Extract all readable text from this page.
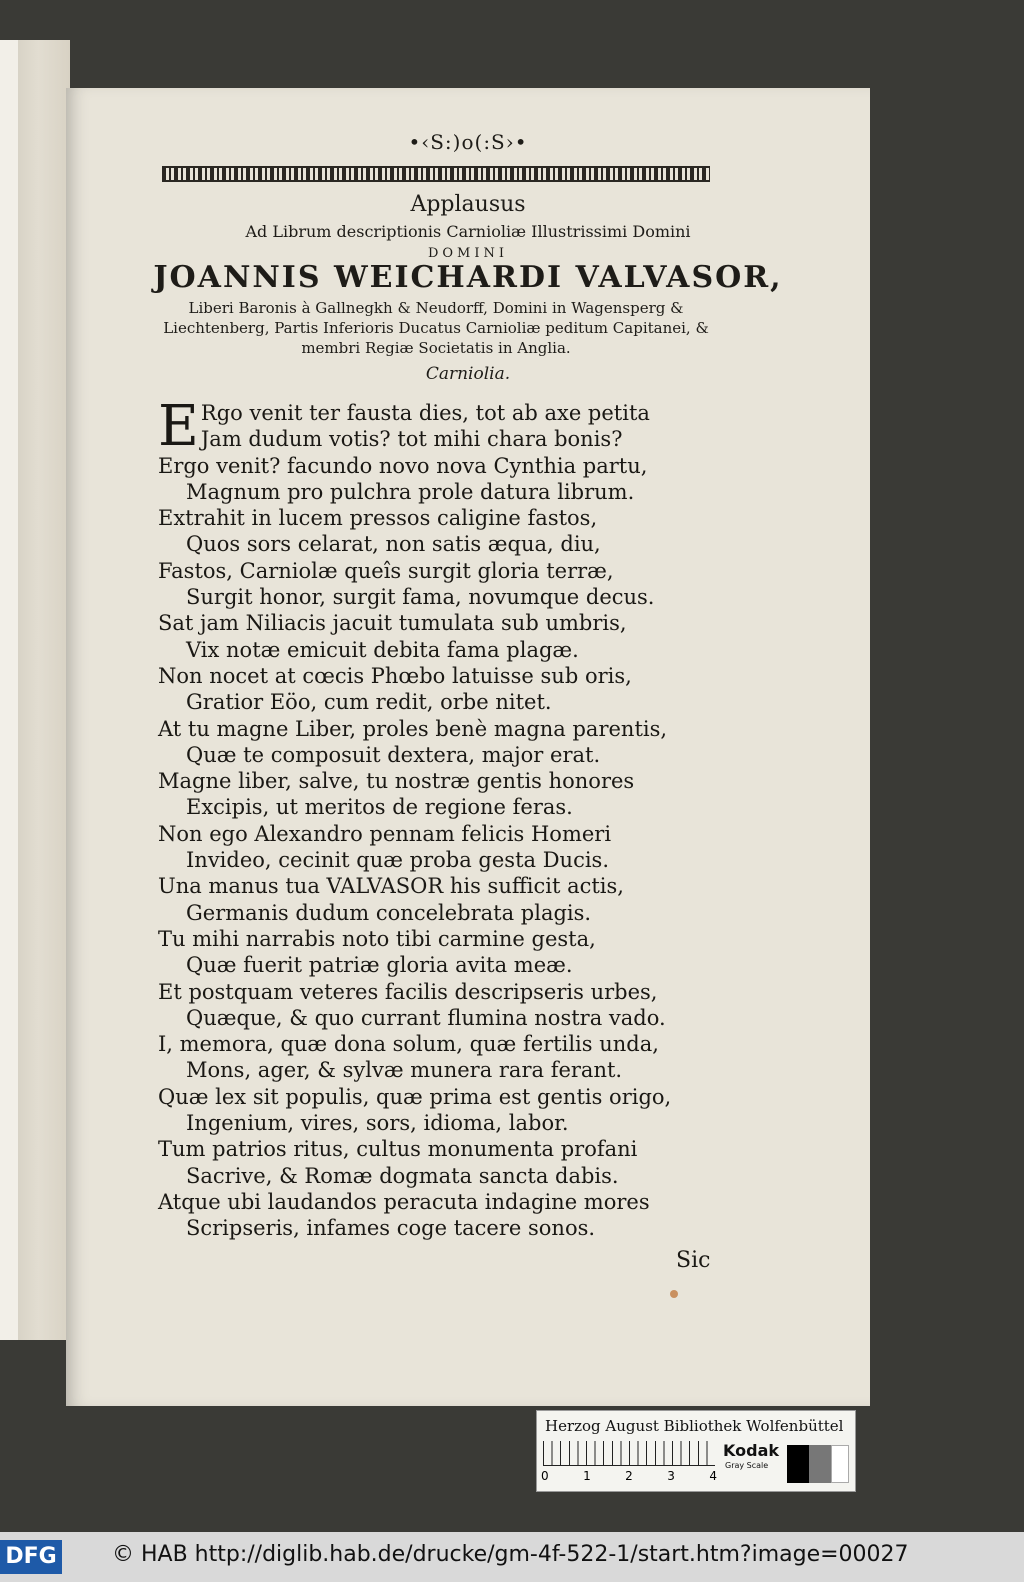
•‹S:)o(:S›•
Applausus
Ad Librum descriptionis Carnioliæ Illustrissimi Domini
DOMINI
JOANNIS WEICHARDI VALVASOR,
Liberi Baronis à Gallnegkh & Neudorff, Domini in Wagensperg & Liechtenberg, Partis Inferioris Ducatus Carnioliæ peditum Capitanei, & membri Regiæ Societatis in Anglia.
Carniolia.
E Rgo venit ter fausta dies, tot ab axe petita
Jam dudum votis? tot mihi chara bonis?
Ergo venit? facundo novo nova Cynthia partu,
Magnum pro pulchra prole datura librum.
Extrahit in lucem pressos caligine fastos,
Quos sors celarat, non satis æqua, diu,
Fastos, Carniolæ queîs surgit gloria terræ,
Surgit honor, surgit fama, novumque decus.
Sat jam Niliacis jacuit tumulata sub umbris,
Vix notæ emicuit debita fama plagæ.
Non nocet at cœcis Phœbo latuisse sub oris,
Gratior Eöo, cum redit, orbe nitet.
At tu magne Liber, proles benè magna parentis,
Quæ te composuit dextera, major erat.
Magne liber, salve, tu nostræ gentis honores
Excipis, ut meritos de regione feras.
Non ego Alexandro pennam felicis Homeri
Invideo, cecinit quæ proba gesta Ducis.
Una manus tua VALVASOR his sufficit actis,
Germanis dudum concelebrata plagis.
Tu mihi narrabis noto tibi carmine gesta,
Quæ fuerit patriæ gloria avita meæ.
Et postquam veteres facilis descripseris urbes,
Quæque, & quo currant flumina nostra vado.
I, memora, quæ dona solum, quæ fertilis unda,
Mons, ager, & sylvæ munera rara ferant.
Quæ lex sit populis, quæ prima est gentis origo,
Ingenium, vires, sors, idioma, labor.
Tum patrios ritus, cultus monumenta profani
Sacrive, & Romæ dogmata sancta dabis.
Atque ubi laudandos peracuta indagine mores
Scripseris, infames coge tacere sonos.
Sic
Herzog August Bibliothek Wolfenbüttel
0	1	2	3	4
Kodak
Gray Scale
DFG	© HAB http://diglib.hab.de/drucke/gm-4f-522-1/start.htm?image=00027
